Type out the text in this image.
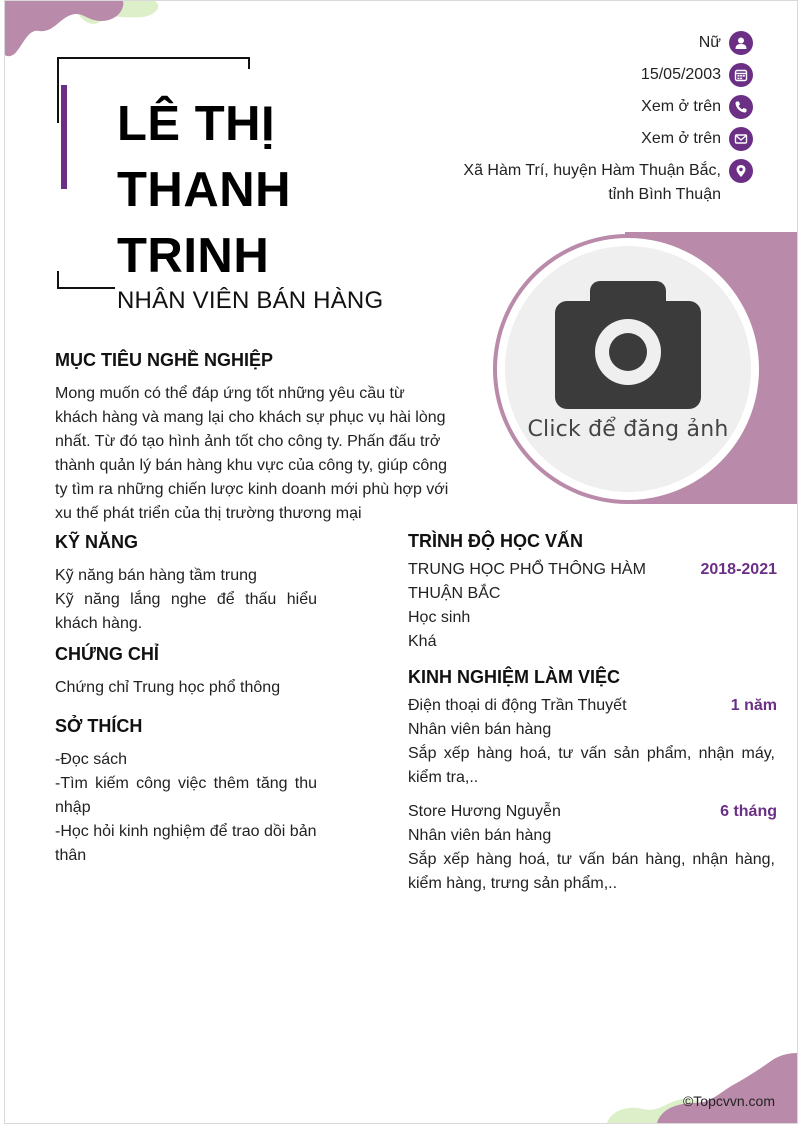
LÊ THỊ
THANH
TRINH
NHÂN VIÊN BÁN HÀNG
Nữ
15/05/2003
Xem ở trên
Xem ở trên
Xã Hàm Trí, huyện Hàm Thuận Bắc,
tỉnh Bình Thuận
Click để đăng ảnh
MỤC TIÊU NGHỀ NGHIỆP
Mong muốn có thể đáp ứng tốt những yêu cầu từ khách hàng và mang lại cho khách sự phục vụ hài lòng nhất. Từ đó tạo hình ảnh tốt cho công ty. Phấn đấu trở thành quản lý bán hàng khu vực của công ty, giúp công ty tìm ra những chiến lược kinh doanh mới phù hợp với xu thế phát triển của thị trường thương mại
KỸ NĂNG
Kỹ năng bán hàng tầm trung
Kỹ năng lắng nghe để thấu hiểu khách hàng.
CHỨNG CHỈ
Chứng chỉ Trung học phổ thông
SỞ THÍCH
-Đọc sách
-Tìm kiếm công việc thêm tăng thu nhập
-Học hỏi kinh nghiệm để trao dồi bản thân
TRÌNH ĐỘ HỌC VẤN
TRUNG HỌC PHỔ THÔNG HÀM THUẬN BẮC
2018-2021
Học sinh
Khá
KINH NGHIỆM LÀM VIỆC
Điện thoại di động Trần Thuyết	1 năm
Nhân viên bán hàng
Sắp xếp hàng hoá, tư vấn sản phẩm, nhận máy, kiểm tra,..
Store Hương Nguyễn	6 tháng
Nhân viên bán hàng
Sắp xếp hàng hoá, tư vấn bán hàng, nhận hàng, kiểm hàng, trưng sản phẩm,..
©Topcvvn.com
